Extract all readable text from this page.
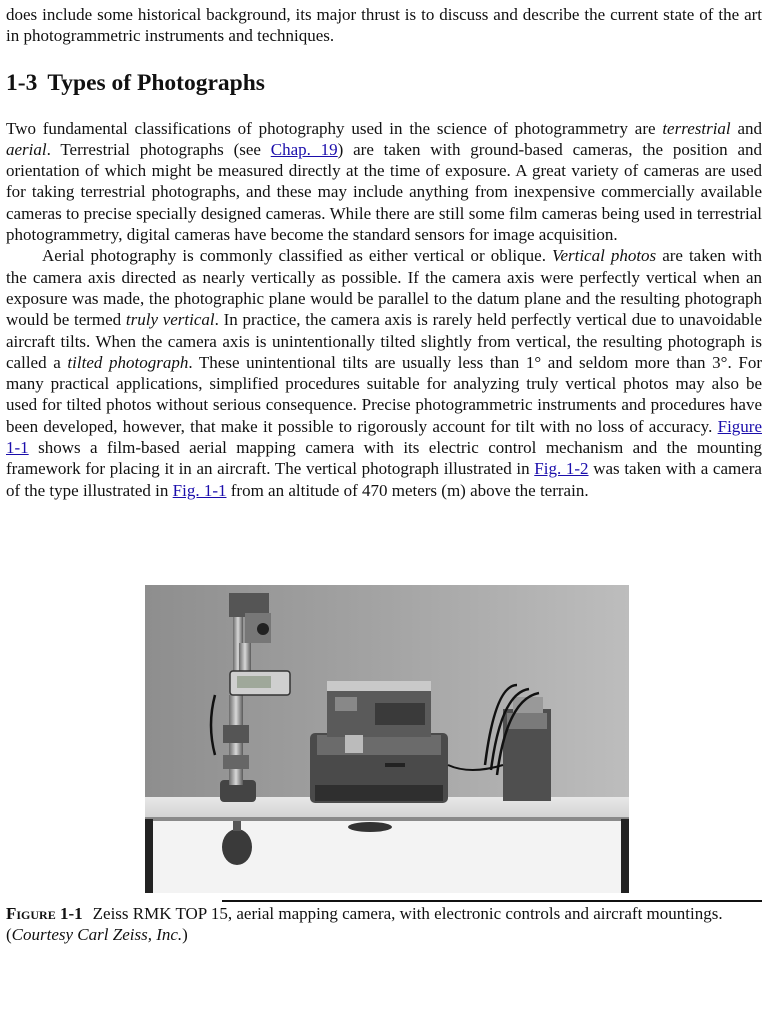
does include some historical background, its major thrust is to discuss and describe the current state of the art in photogrammetric instruments and techniques.

1-3 Types of Photographs

Two fundamental classifications of photography used in the science of photogrammetry are terrestrial and aerial. Terrestrial photographs (see Chap. 19) are taken with ground-based cameras, the position and orientation of which might be measured directly at the time of exposure. A great variety of cameras are used for taking terrestrial photographs, and these may include anything from inexpensive commercially available cameras to precise specially designed cameras. While there are still some film cameras being used in terrestrial photogrammetry, digital cameras have become the standard sensors for image acquisition.

Aerial photography is commonly classified as either vertical or oblique. Vertical photos are taken with the camera axis directed as nearly vertically as possible. If the camera axis were perfectly vertical when an exposure was made, the photographic plane would be parallel to the datum plane and the resulting photograph would be termed truly vertical. In practice, the camera axis is rarely held perfectly vertical due to unavoidable aircraft tilts. When the camera axis is unintentionally tilted slightly from vertical, the resulting photograph is called a tilted photograph. These unintentional tilts are usually less than 1° and seldom more than 3°. For many practical applications, simplified procedures suitable for analyzing truly vertical photos may also be used for tilted photos without serious consequence. Precise photogrammetric instruments and procedures have been developed, however, that make it possible to rigorously account for tilt with no loss of accuracy. Figure 1-1 shows a film-based aerial mapping camera with its electric control mechanism and the mounting framework for placing it in an aircraft. The vertical photograph illustrated in Fig. 1-2 was taken with a camera of the type illustrated in Fig. 1-1 from an altitude of 470 meters (m) above the terrain.

Figure 1-1 Zeiss RMK TOP 15, aerial mapping camera, with electronic controls and aircraft mountings. (Courtesy Carl Zeiss, Inc.)
